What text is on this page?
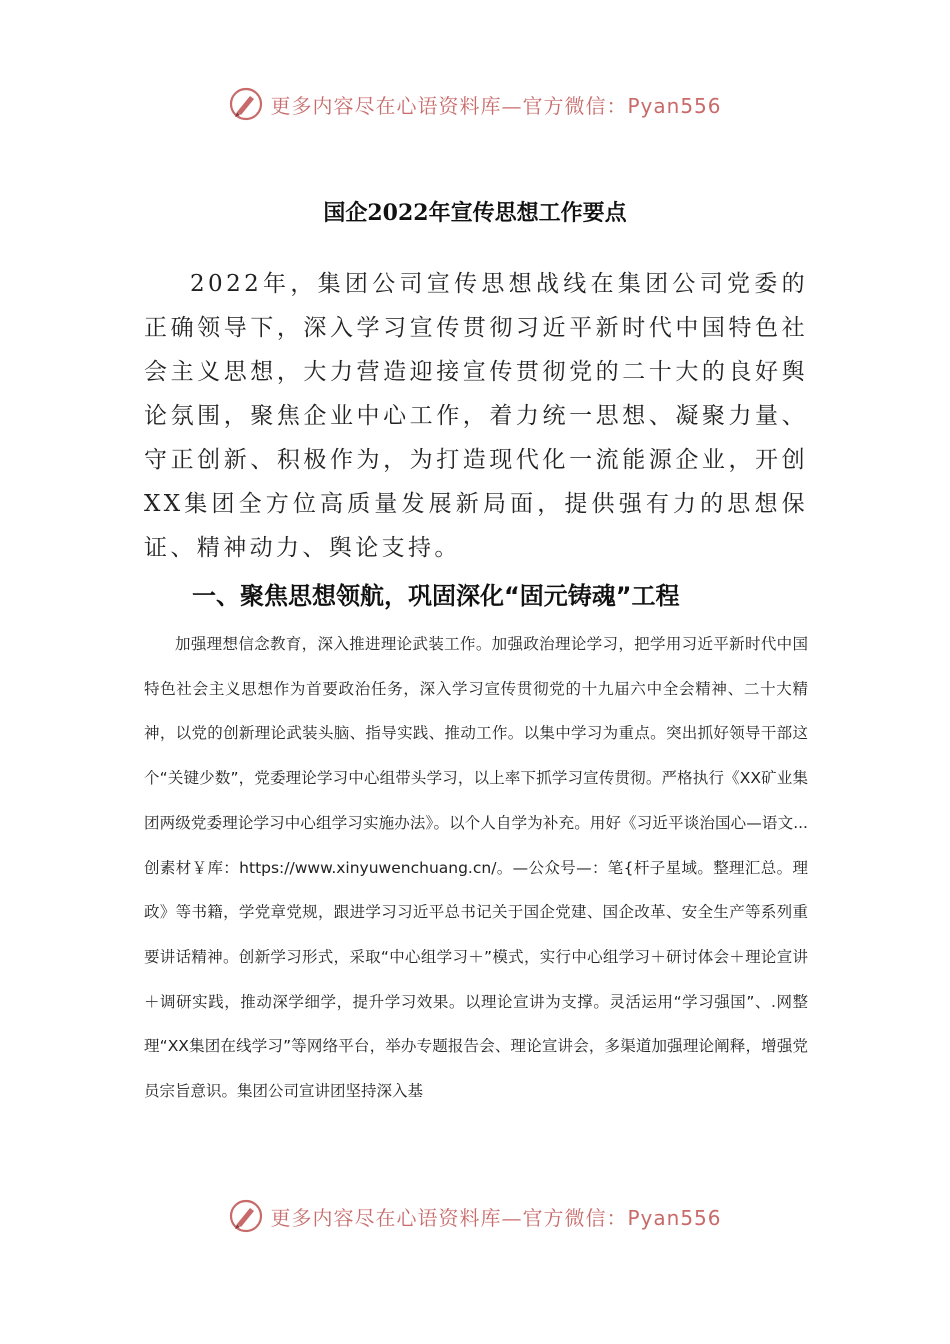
更多内容尽在心语资料库—官方微信：Pyan556
国企2022年宣传思想工作要点

2022年，集团公司宣传思想战线在集团公司党委的正确领导下，深入学习宣传贯彻习近平新时代中国特色社会主义思想，大力营造迎接宣传贯彻党的二十大的良好舆论氛围，聚焦企业中心工作，着力统一思想、凝聚力量、守正创新、积极作为，为打造现代化一流能源企业，开创XX集团全方位高质量发展新局面，提供强有力的思想保证、精神动力、舆论支持。

一、聚焦思想领航，巩固深化“固元铸魂”工程

加强理想信念教育，深入推进理论武装工作。加强政治理论学习，把学用习近平新时代中国特色社会主义思想作为首要政治任务，深入学习宣传贯彻党的十九届六中全会精神、二十大精神，以党的创新理论武装头脑、指导实践、推动工作。以集中学习为重点。突出抓好领导干部这个“关键少数”，党委理论学习中心组带头学习，以上率下抓学习宣传贯彻。严格执行《XX矿业集团两级党委理论学习中心组学习实施办法》。以个人自学为补充。用好《习近平谈治国心—语文...创素材￥库：https://www.xinyuwenchuang.cn/。—公众号—：笔{杆子星域。整理汇总。理政》等书籍，学党章党规，跟进学习习近平总书记关于国企党建、国企改革、安全生产等系列重要讲话精神。创新学习形式，采取“中心组学习＋”模式，实行中心组学习＋研讨体会＋理论宣讲＋调研实践，推动深学细学，提升学习效果。以理论宣讲为支撑。灵活运用“学习强国”、.网整理“XX集团在线学习”等网络平台，举办专题报告会、理论宣讲会，多渠道加强理论阐释，增强党员宗旨意识。集团公司宣讲团坚持深入基

更多内容尽在心语资料库—官方微信：Pyan556
